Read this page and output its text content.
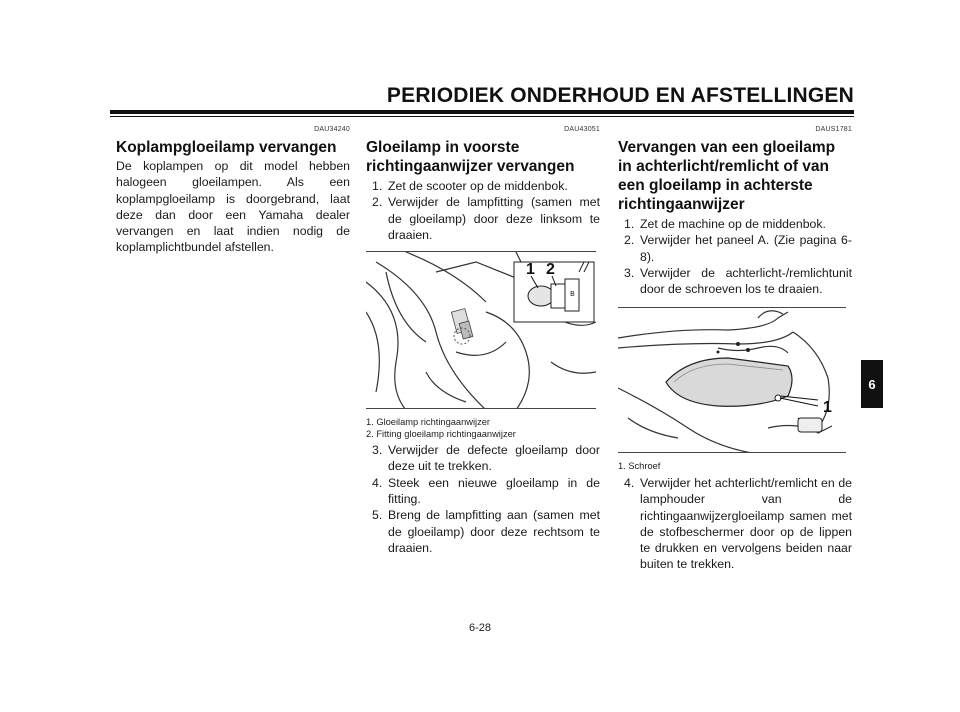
PERIODIEK ONDERHOUD EN AFSTELLINGEN
DAU34240
Koplampgloeilamp vervangen

De koplampen op dit model hebben halogeen gloeilampen. Als een koplampgloeilamp is doorgebrand, laat deze dan door een Yamaha dealer vervangen en laat indien nodig de koplamplichtbundel afstellen.

DAU43051
Gloeilamp in voorste richtingaanwijzer vervangen
1. Zet de scooter op de middenbok.
2. Verwijder de lampfitting (samen met de gloeilamp) door deze linksom te draaien.
B
1 2
1. Gloeilamp richtingaanwijzer
2. Fitting gloeilamp richtingaanwijzer
3. Verwijder de defecte gloeilamp door deze uit te trekken.
4. Steek een nieuwe gloeilamp in de fitting.
5. Breng de lampfitting aan (samen met de gloeilamp) door deze rechtsom te draaien.
DAUS1781
Vervangen van een gloeilamp in achterlicht/remlicht of van een gloeilamp in achterste richtingaanwijzer
1. Zet de machine op de middenbok.
2. Verwijder het paneel A. (Zie pagina 6-8).
3. Verwijder de achterlicht-/remlichtunit door de schroeven los te draaien.
1
1. Schroef
4. Verwijder het achterlicht/remlicht en de lamphouder van de richtingaanwijzergloeilamp samen met de stofbeschermer door op de lippen te drukken en vervolgens beiden naar buiten te trekken.
6
6-28
